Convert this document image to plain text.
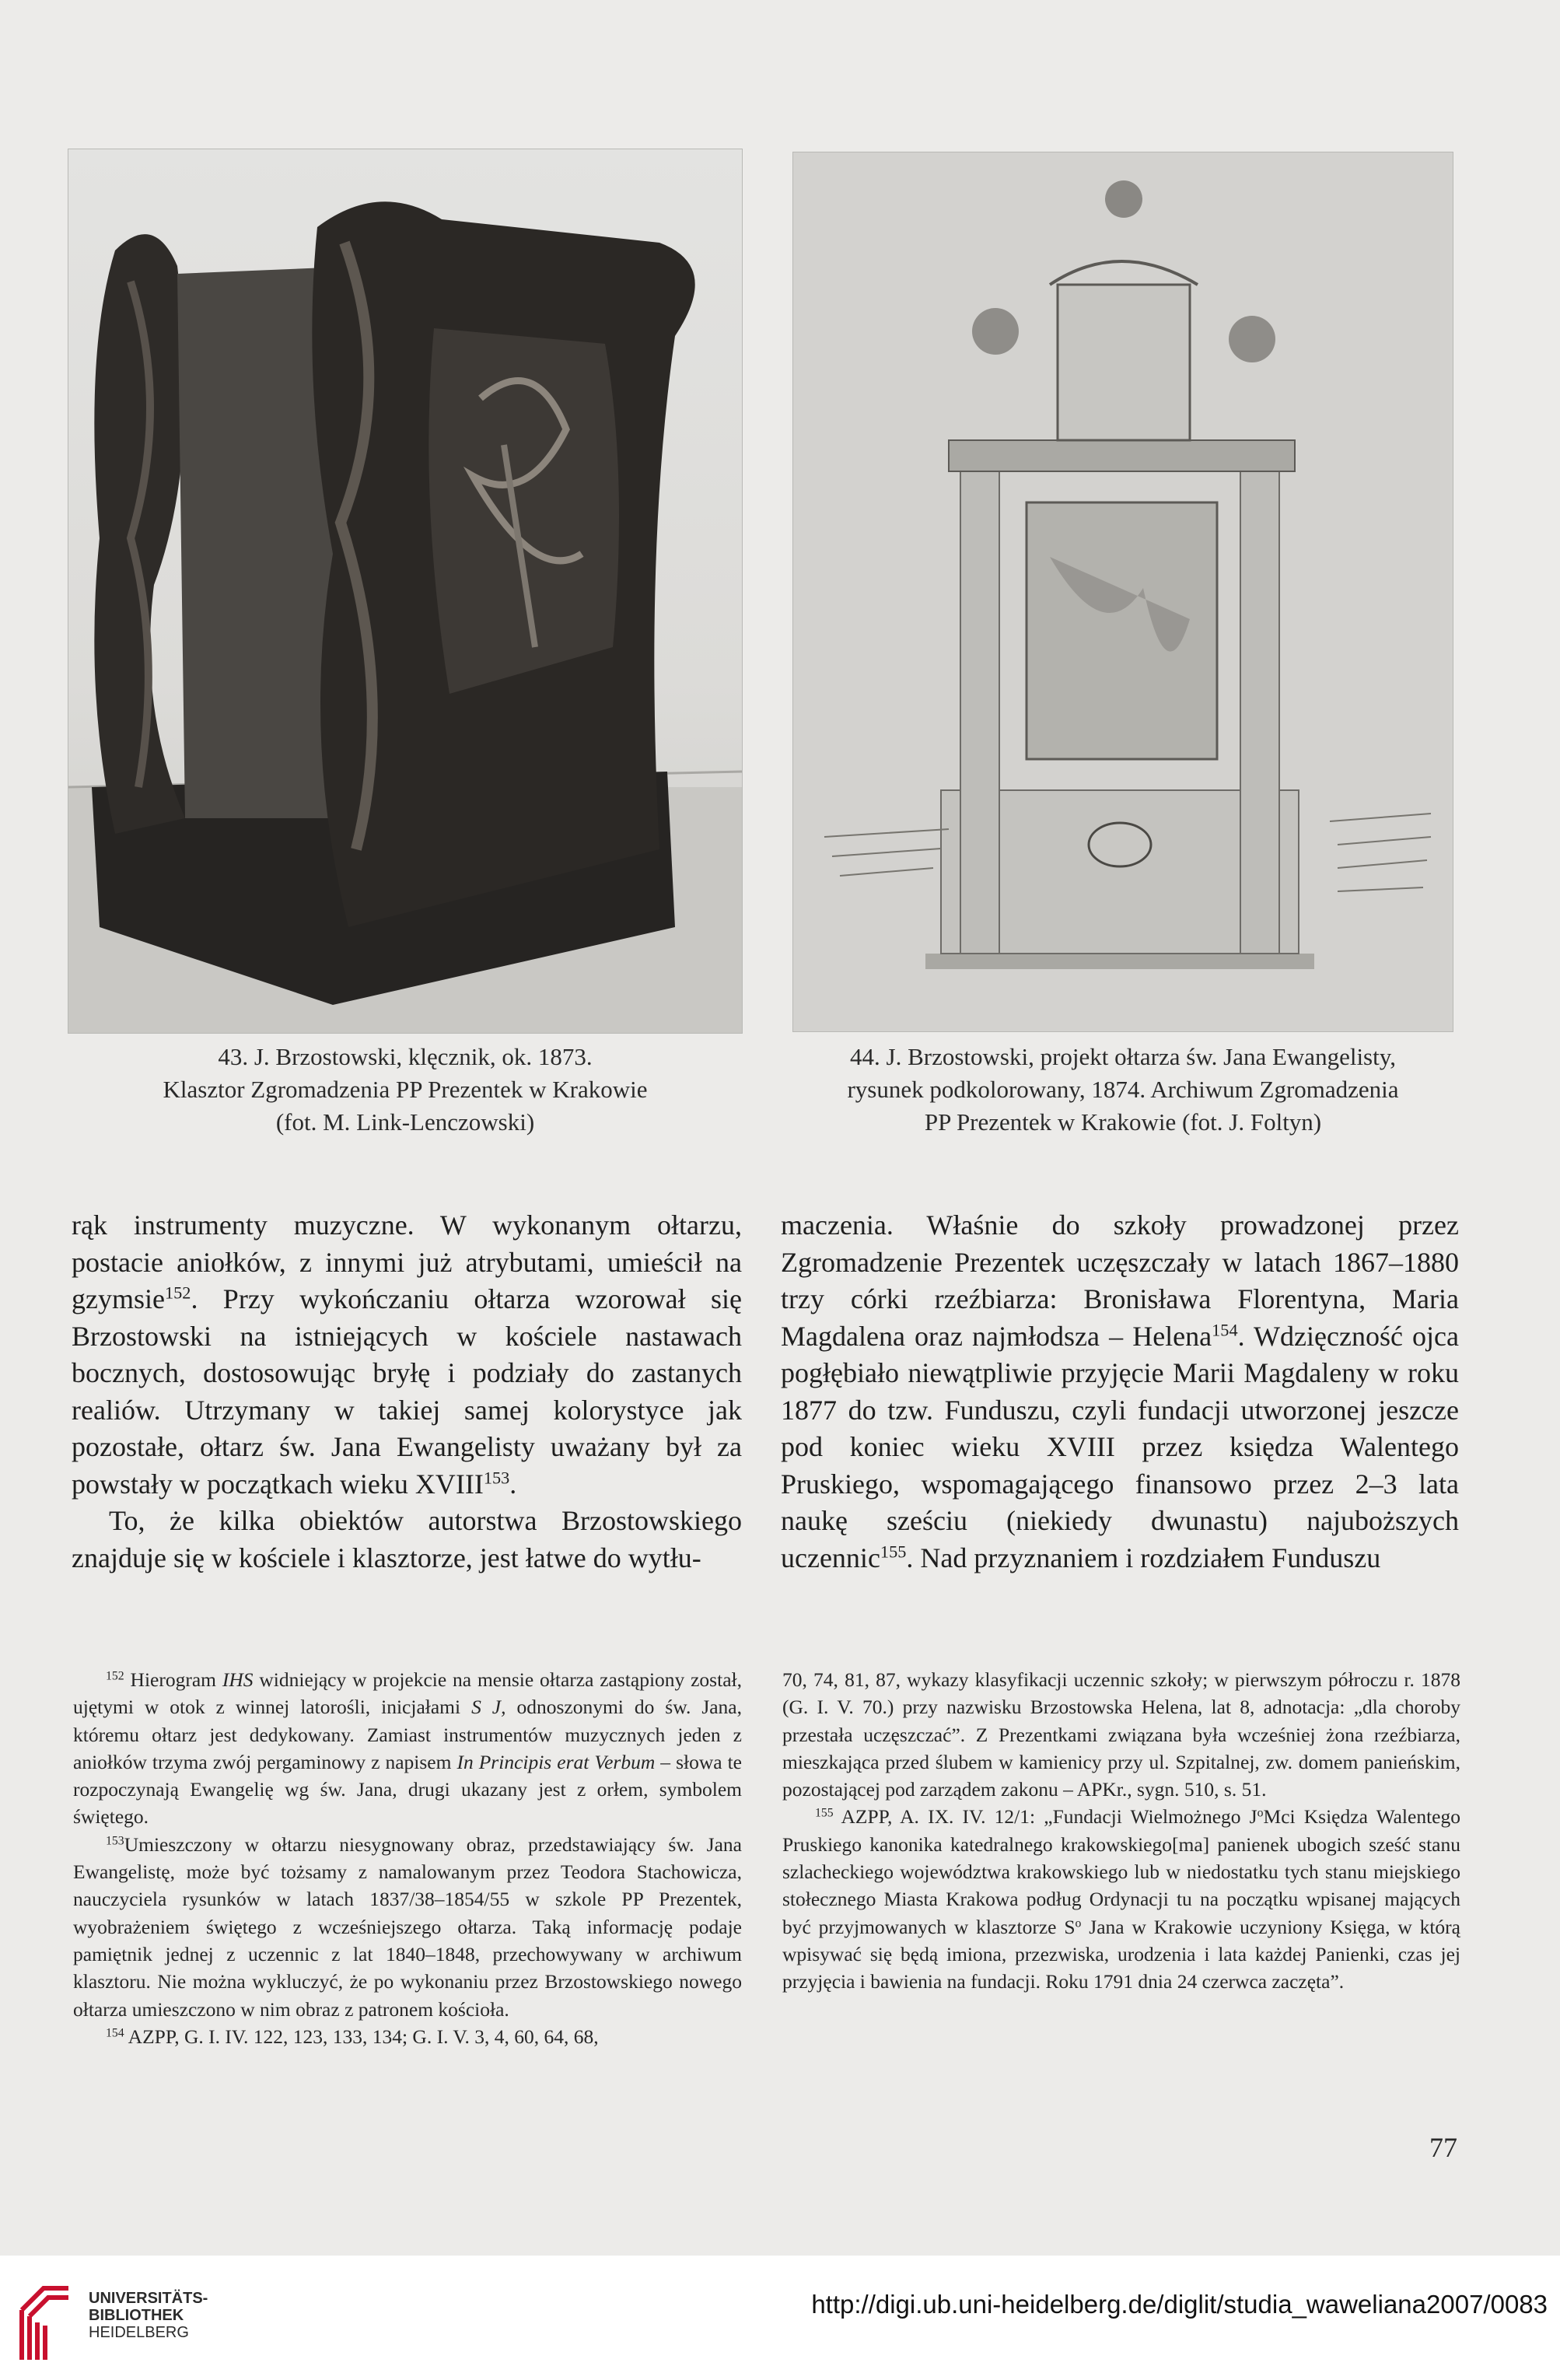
43. J. Brzostowski, klęcznik, ok. 1873.
Klasztor Zgromadzenia PP Prezentek w Krakowie
(fot. M. Link-Lenczowski)
44. J. Brzostowski, projekt ołtarza św. Jana Ewangelisty,
rysunek podkolorowany, 1874. Archiwum Zgromadzenia
PP Prezentek w Krakowie (fot. J. Foltyn)

rąk instrumenty muzyczne. W wykonanym ołtarzu, postacie aniołków, z innymi już atrybutami, umieścił na gzymsie$^{152}$. Przy wykończaniu ołtarza wzorował się Brzostowski na istniejących w kościele nastawach bocznych, dostosowując bryłę i podziały do zastanych realiów. Utrzymany w takiej samej kolorystyce jak pozostałe, ołtarz św. Jana Ewangelisty uważany był za powstały w początkach wieku XVIII$^{153}$.

To, że kilka obiektów autorstwa Brzostowskiego znajduje się w kościele i klasztorze, jest łatwe do wytłu-

maczenia. Właśnie do szkoły prowadzonej przez Zgromadzenie Prezentek uczęszczały w latach 1867–1880 trzy córki rzeźbiarza: Bronisława Florentyna, Maria Magdalena oraz najmłodsza – Helena$^{154}$. Wdzięczność ojca pogłębiało niewątpliwie przyjęcie Marii Magdaleny w roku 1877 do tzw. Funduszu, czyli fundacji utworzonej jeszcze pod koniec wieku XVIII przez księdza Walentego Pruskiego, wspomagającego finansowo przez 2–3 lata naukę sześciu (niekiedy dwunastu) najuboższych uczennic$^{155}$. Nad przyznaniem i rozdziałem Funduszu

$^{152}$ Hierogram IHS widniejący w projekcie na mensie ołtarza zastąpiony został, ujętymi w otok z winnej latorośli, inicjałami S J, odnoszonymi do św. Jana, któremu ołtarz jest dedykowany. Zamiast instrumentów muzycznych jeden z aniołków trzyma zwój pergaminowy z napisem In Principis erat Verbum – słowa te rozpoczynają Ewangelię wg św. Jana, drugi ukazany jest z orłem, symbolem świętego.

$^{153}$Umieszczony w ołtarzu niesygnowany obraz, przedstawiający św. Jana Ewangelistę, może być tożsamy z namalowanym przez Teodora Stachowicza, nauczyciela rysunków w latach 1837/38–1854/55 w szkole PP Prezentek, wyobrażeniem świętego z wcześniejszego ołtarza. Taką informację podaje pamiętnik jednej z uczennic z lat 1840–1848, przechowywany w archiwum klasztoru. Nie można wykluczyć, że po wykonaniu przez Brzostowskiego nowego ołtarza umieszczono w nim obraz z patronem kościoła.

$^{154}$ AZPP, G. I. IV. 122, 123, 133, 134; G. I. V. 3, 4, 60, 64, 68,

70, 74, 81, 87, wykazy klasyfikacji uczennic szkoły; w pierwszym półroczu r. 1878 (G. I. V. 70.) przy nazwisku Brzostowska Helena, lat 8, adnotacja: „dla choroby przestała uczęszczać”. Z Prezentkami związana była wcześniej żona rzeźbiarza, mieszkająca przed ślubem w kamienicy przy ul. Szpitalnej, zw. domem panieńskim, pozostającej pod zarządem zakonu – APKr., sygn. 510, s. 51.

$^{155}$ AZPP, A. IX. IV. 12/1: „Fundacji Wielmożnego $J^oMci$ Księdza Walentego Pruskiego kanonika katedralnego krakowskiego[ma] panienek ubogich sześć stanu szlacheckiego województwa krakowskiego lub w niedostatku tych stanu miejskiego stołecznego Miasta Krakowa podług Ordynacji tu na początku wpisanej mających być przyjmowanych w klasztorze $S^o$ Jana w Krakowie uczyniony Księga, w którą wpisywać się będą imiona, przezwiska, urodzenia i lata każdej Panienki, czas jej przyjęcia i bawienia na fundacji. Roku 1791 dnia 24 czerwca zaczęta”.

77
UNIVERSITÄTS-
BIBLIOTHEK
HEIDELBERG
http://digi.ub.uni-heidelberg.de/diglit/studia_waweliana2007/0083
